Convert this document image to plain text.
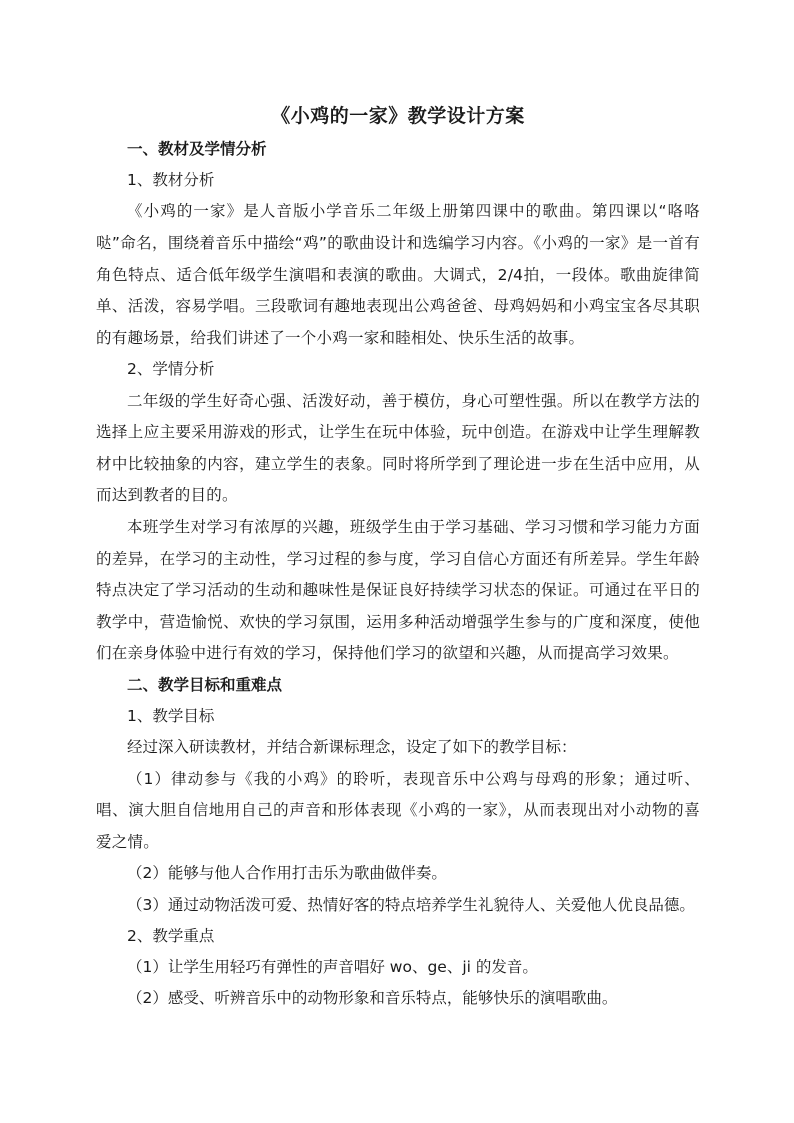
《小鸡的一家》教学设计方案

一、教材及学情分析

1、教材分析

《小鸡的一家》是人音版小学音乐二年级上册第四课中的歌曲。第四课以“咯咯哒”命名，围绕着音乐中描绘“鸡”的歌曲设计和选编学习内容。《小鸡的一家》是一首有角色特点、适合低年级学生演唱和表演的歌曲。大调式，2/4拍，一段体。歌曲旋律简单、活泼，容易学唱。三段歌词有趣地表现出公鸡爸爸、母鸡妈妈和小鸡宝宝各尽其职的有趣场景，给我们讲述了一个小鸡一家和睦相处、快乐生活的故事。

2、学情分析

二年级的学生好奇心强、活泼好动，善于模仿，身心可塑性强。所以在教学方法的选择上应主要采用游戏的形式，让学生在玩中体验，玩中创造。在游戏中让学生理解教材中比较抽象的内容，建立学生的表象。同时将所学到了理论进一步在生活中应用，从而达到教者的目的。

本班学生对学习有浓厚的兴趣，班级学生由于学习基础、学习习惯和学习能力方面的差异，在学习的主动性，学习过程的参与度，学习自信心方面还有所差异。学生年龄特点决定了学习活动的生动和趣味性是保证良好持续学习状态的保证。可通过在平日的教学中，营造愉悦、欢快的学习氛围，运用多种活动增强学生参与的广度和深度，使他们在亲身体验中进行有效的学习，保持他们学习的欲望和兴趣，从而提高学习效果。

二、教学目标和重难点

1、教学目标

经过深入研读教材，并结合新课标理念，设定了如下的教学目标：

（1）律动参与《我的小鸡》的聆听，表现音乐中公鸡与母鸡的形象；通过听、唱、演大胆自信地用自己的声音和形体表现《小鸡的一家》，从而表现出对小动物的喜爱之情。

（2）能够与他人合作用打击乐为歌曲做伴奏。

（3）通过动物活泼可爱、热情好客的特点培养学生礼貌待人、关爱他人优良品德。

2、教学重点

（1）让学生用轻巧有弹性的声音唱好 wo、ge、ji 的发音。

（2）感受、听辨音乐中的动物形象和音乐特点，能够快乐的演唱歌曲。
